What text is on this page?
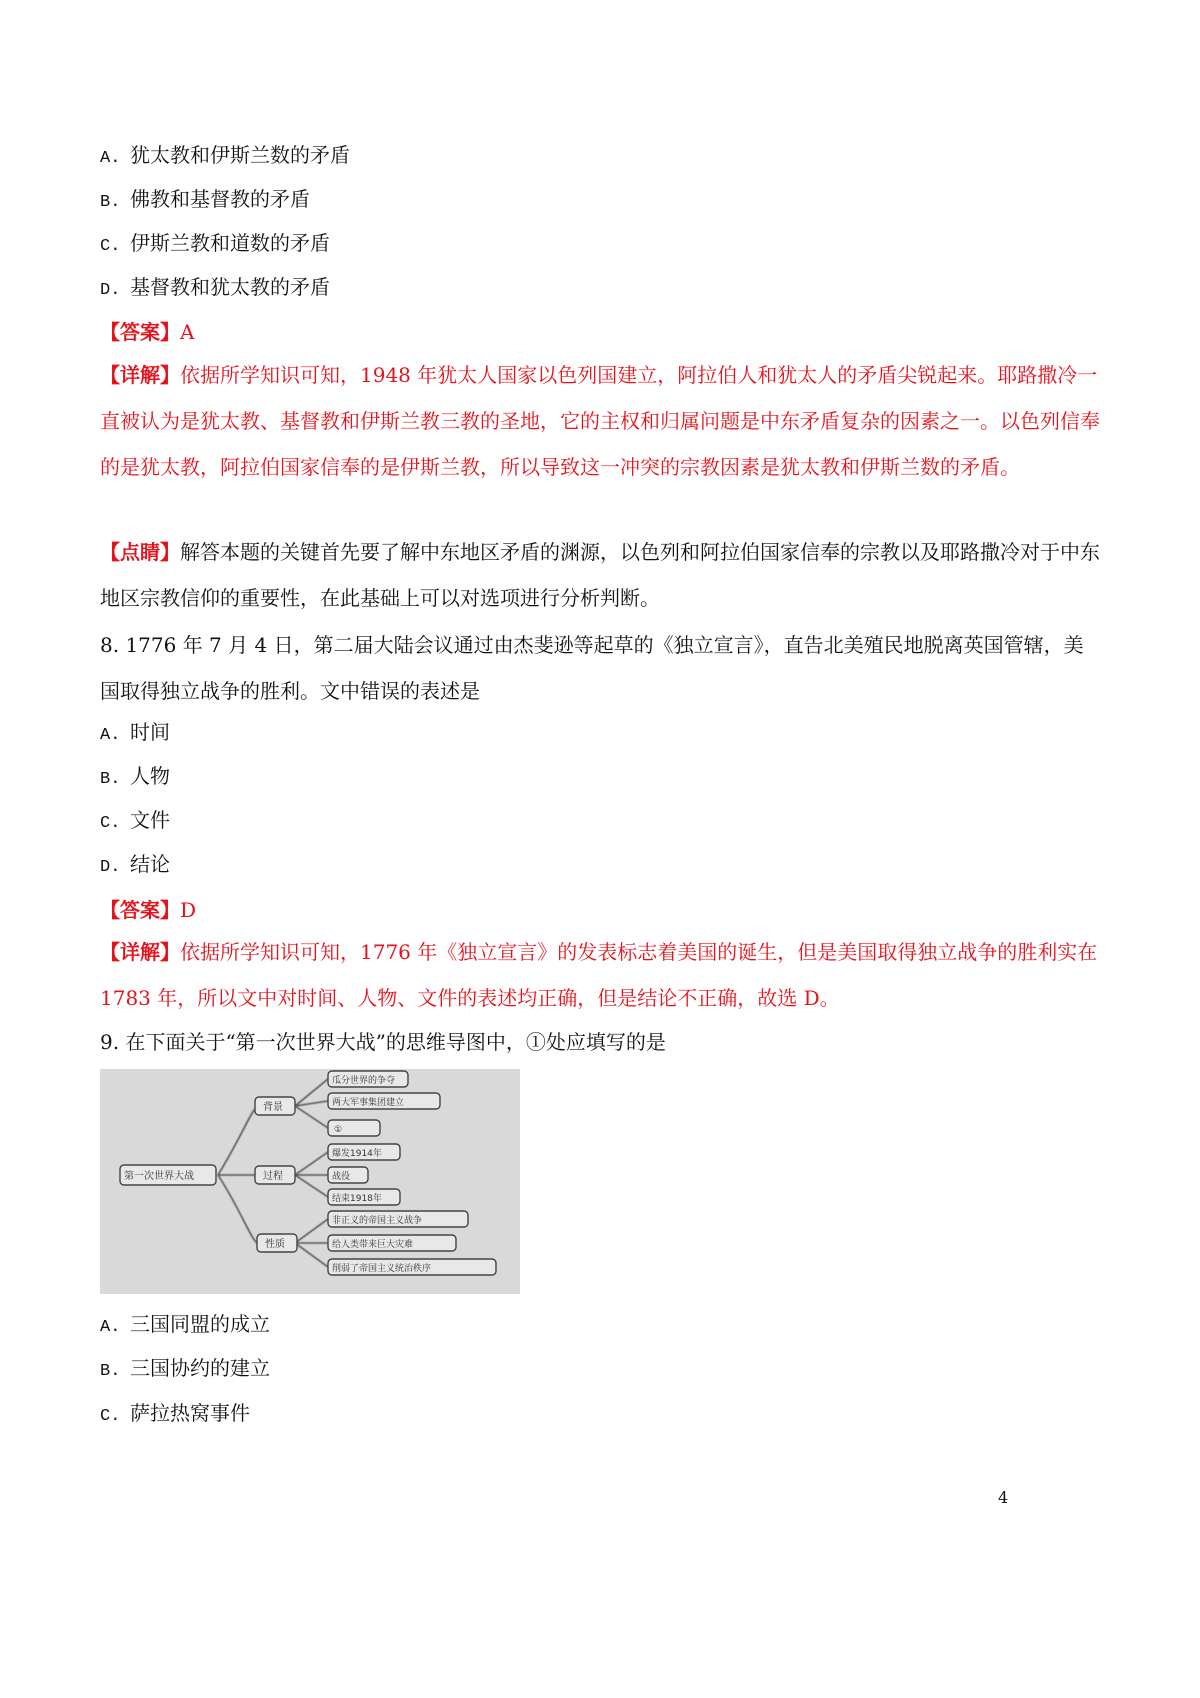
A. 犹太教和伊斯兰数的矛盾
B. 佛教和基督教的矛盾
C. 伊斯兰教和道数的矛盾
D. 基督教和犹太教的矛盾
【答案】A
【详解】依据所学知识可知，1948 年犹太人国家以色列国建立，阿拉伯人和犹太人的矛盾尖锐起来。耶路撒冷一直被认为是犹太教、基督教和伊斯兰教三教的圣地，它的主权和归属问题是中东矛盾复杂的因素之一。以色列信奉的是犹太教，阿拉伯国家信奉的是伊斯兰教，所以导致这一冲突的宗教因素是犹太教和伊斯兰数的矛盾。
【点睛】解答本题的关键首先要了解中东地区矛盾的渊源，以色列和阿拉伯国家信奉的宗教以及耶路撒冷对于中东地区宗教信仰的重要性，在此基础上可以对选项进行分析判断。
8. 1776 年 7 月 4 日，第二届大陆会议通过由杰斐逊等起草的《独立宣言》，直告北美殖民地脱离英国管辖，美国取得独立战争的胜利。文中错误的表述是
A. 时间
B. 人物
C. 文件
D. 结论
【答案】D
【详解】依据所学知识可知，1776 年《独立宣言》的发表标志着美国的诞生，但是美国取得独立战争的胜利实在 1783 年，所以文中对时间、人物、文件的表述均正确，但是结论不正确，故选 D。
9. 在下面关于“第一次世界大战”的思维导图中，①处应填写的是
第一次世界大战
背景
过程
性质
瓜分世界的争夺
两大军事集团建立
①
爆发1914年
战役
结束1918年
非正义的帝国主义战争
给人类带来巨大灾难
削弱了帝国主义统治秩序
A. 三国同盟的成立
B. 三国协约的建立
C. 萨拉热窝事件
4
